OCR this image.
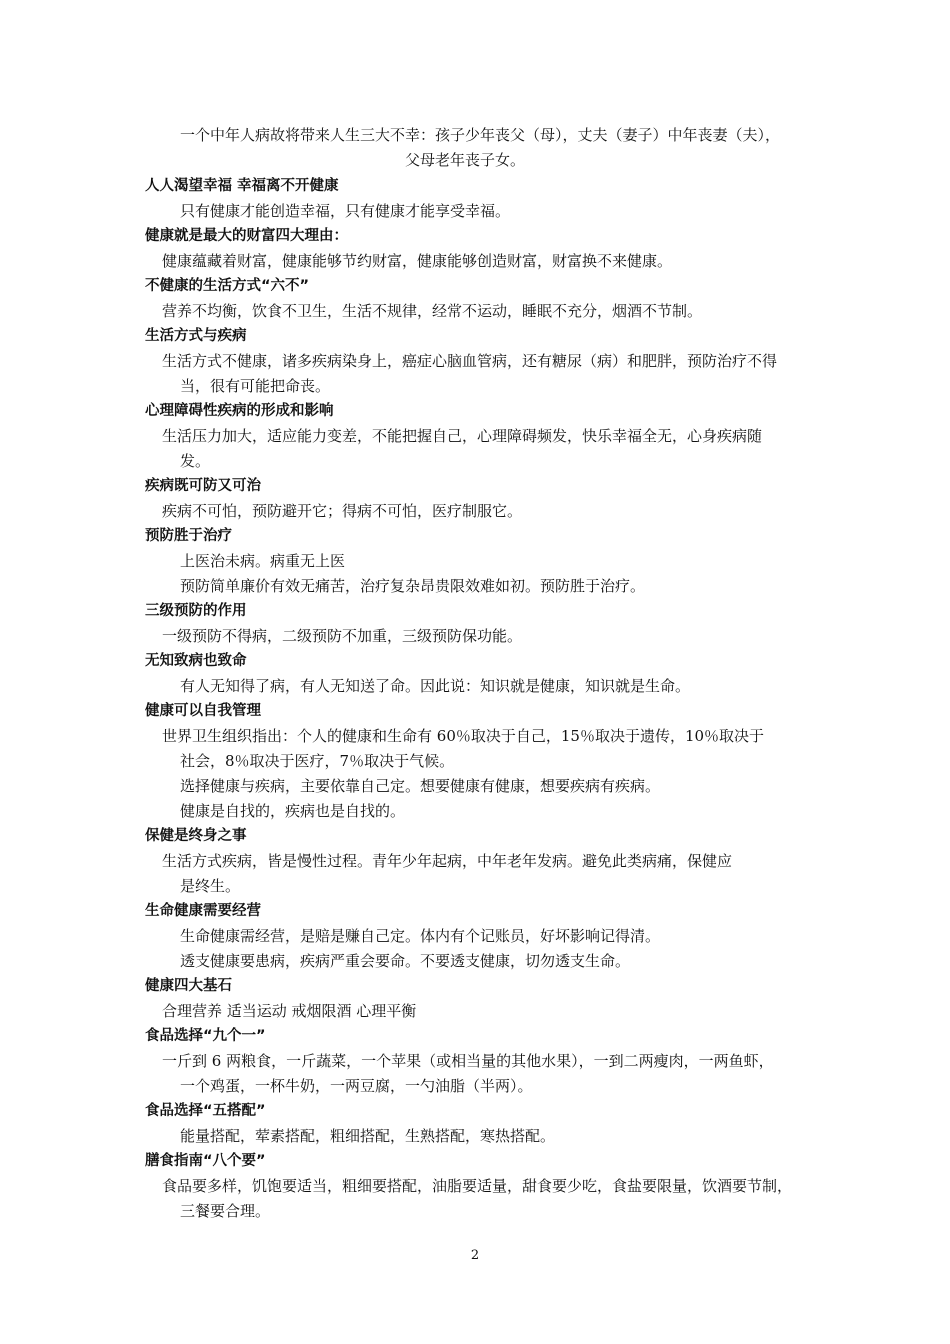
一个中年人病故将带来人生三大不幸：孩子少年丧父（母），丈夫（妻子）中年丧妻（夫），
父母老年丧子女。
人人渴望幸福 幸福离不开健康
只有健康才能创造幸福，只有健康才能享受幸福。
健康就是最大的财富四大理由：
健康蕴藏着财富，健康能够节约财富，健康能够创造财富，财富换不来健康。
不健康的生活方式“六不”
营养不均衡，饮食不卫生，生活不规律，经常不运动，睡眠不充分，烟酒不节制。
生活方式与疾病
生活方式不健康，诸多疾病染身上，癌症心脑血管病，还有糖尿（病）和肥胖，预防治疗不得
当，很有可能把命丧。
心理障碍性疾病的形成和影响
生活压力加大，适应能力变差，不能把握自己，心理障碍频发，快乐幸福全无，心身疾病随
发。
疾病既可防又可治
疾病不可怕，预防避开它；得病不可怕，医疗制服它。
预防胜于治疗
上医治未病。病重无上医
预防简单廉价有效无痛苦，治疗复杂昂贵限效难如初。预防胜于治疗。
三级预防的作用
一级预防不得病，二级预防不加重，三级预防保功能。
无知致病也致命
有人无知得了病，有人无知送了命。因此说：知识就是健康，知识就是生命。
健康可以自我管理
世界卫生组织指出：个人的健康和生命有 60％取决于自己，15％取决于遗传，10％取决于
社会，8％取决于医疗，7％取决于气候。
选择健康与疾病，主要依靠自己定。想要健康有健康，想要疾病有疾病。
健康是自找的，疾病也是自找的。
保健是终身之事
生活方式疾病，皆是慢性过程。青年少年起病，中年老年发病。避免此类病痛，保健应
是终生。
生命健康需要经营
生命健康需经营，是赔是赚自己定。体内有个记账员，好坏影响记得清。
透支健康要患病，疾病严重会要命。不要透支健康，切勿透支生命。
健康四大基石
合理营养 适当运动 戒烟限酒 心理平衡
食品选择“九个一”
一斤到 6 两粮食，一斤蔬菜，一个苹果（或相当量的其他水果），一到二两瘦肉，一两鱼虾，
一个鸡蛋，一杯牛奶，一两豆腐，一勺油脂（半两）。
食品选择“五搭配”
能量搭配，荤素搭配，粗细搭配，生熟搭配，寒热搭配。
膳食指南“八个要”
食品要多样，饥饱要适当，粗细要搭配，油脂要适量，甜食要少吃，食盐要限量，饮酒要节制，
三餐要合理。
2
